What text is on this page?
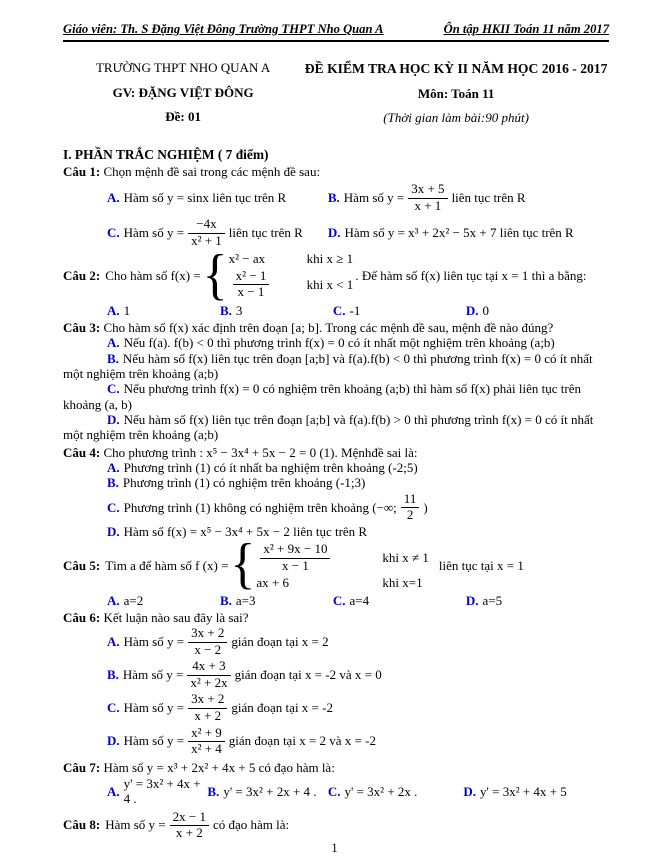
Giáo viên: Th. S Đặng Việt Đông Trường THPT Nho Quan A	Ôn tập HKII Toán 11 năm 2017
TRƯỜNG THPT NHO QUAN A
GV: ĐẶNG VIỆT ĐÔNG
Đề: 01
ĐỀ KIỂM TRA HỌC KỲ II NĂM HỌC 2016 - 2017
Môn: Toán 11
(Thời gian làm bài:90 phút)
I. PHẦN TRẮC NGHIỆM ( 7 điểm)

Câu 1: Chọn mệnh đề sai trong các mệnh đề sau:

A. Hàm số y = sinx liên tục trên R	B. Hàm số $y = \frac{3x + 5}{x + 1}$ liên tục trên R
C. Hàm số $y = \frac{-4x}{\text{x² + 1}}$ liên tục trên R D. Hàm số y = x³ + 2x² − 5x + 7 liên tục trên R
Câu 2: Cho hàm số f(x) = { x² − ax	khi x ≥ 1
$\frac{\text{x² − 1}}{x - 1}$	khi x < 1
. Để hàm số f(x) liên tục tại x = 1 thì a bằng:
A. 1	B. 3	C. -1	D. 0

Câu 3: Cho hàm số f(x) xác định trên đoạn [a; b]. Trong các mệnh đề sau, mệnh đề nào đúng?

A. Nếu f(a). f(b) < 0 thì phương trình f(x) = 0 có ít nhất một nghiệm trên khoảng (a;b)

B. Nếu hàm số f(x) liên tục trên đoạn [a;b] và f(a).f(b) < 0 thì phương trình f(x) = 0 có ít nhất một nghiệm trên khoảng (a;b)

C. Nếu phương trình f(x) = 0 có nghiệm trên khoảng (a;b) thì hàm số f(x) phải liên tục trên khoảng (a, b)

D. Nếu hàm số f(x) liên tục trên đoạn [a;b] và f(a).f(b) > 0 thì phương trình f(x) = 0 có ít nhất một nghiệm trên khoảng (a;b)

Câu 4: Cho phương trình : x⁵ − 3x⁴ + 5x − 2 = 0 (1). Mệnhđề sai là:

A. Phương trình (1) có ít nhất ba nghiệm trên khoảng (-2;5)
B. Phương trình (1) có nghiệm trên khoảng (-1;3)
C. Phương trình (1) không có nghiệm trên khoảng (−∞; $\frac{11}{2}$ )
D. Hàm số f(x) = x⁵ − 3x⁴ + 5x − 2 liên tục trên R
Câu 5: Tìm a để hàm số f (x) = { $\frac{\text{x² + 9x − 10}}{x - 1}$	khi x ≠ 1
ax + 6	khi x=1
liên tục tại x = 1
A. a=2	B. a=3	C. a=4	D. a=5

Câu 6: Kết luận nào sau đây là sai?

A. Hàm số $y = \frac{3x + 2}{x - 2}$ gián đoạn tại x = 2
B. Hàm số $y = \frac{4x + 3}{\text{x² + 2x}}$ gián đoạn tại x = -2 và x = 0
C. Hàm số $y = \frac{3x + 2}{x + 2}$ gián đoạn tại x = -2
D. Hàm số $y = \frac{\text{x² + 9}}{\text{x² + 4}}$ gián đoạn tại x = 2 và x = -2

Câu 7: Hàm số y = x³ + 2x² + 4x + 5 có đạo hàm là:

A.
y' = 3x² + 4x + 4 .
B. y' = 3x² + 2x + 4 . C. y' = 3x² + 2x .	D. y' = 3x² + 4x + 5
Câu 8: Hàm số $y = \frac{2x - 1}{x + 2}$ có đạo hàm là:
1
